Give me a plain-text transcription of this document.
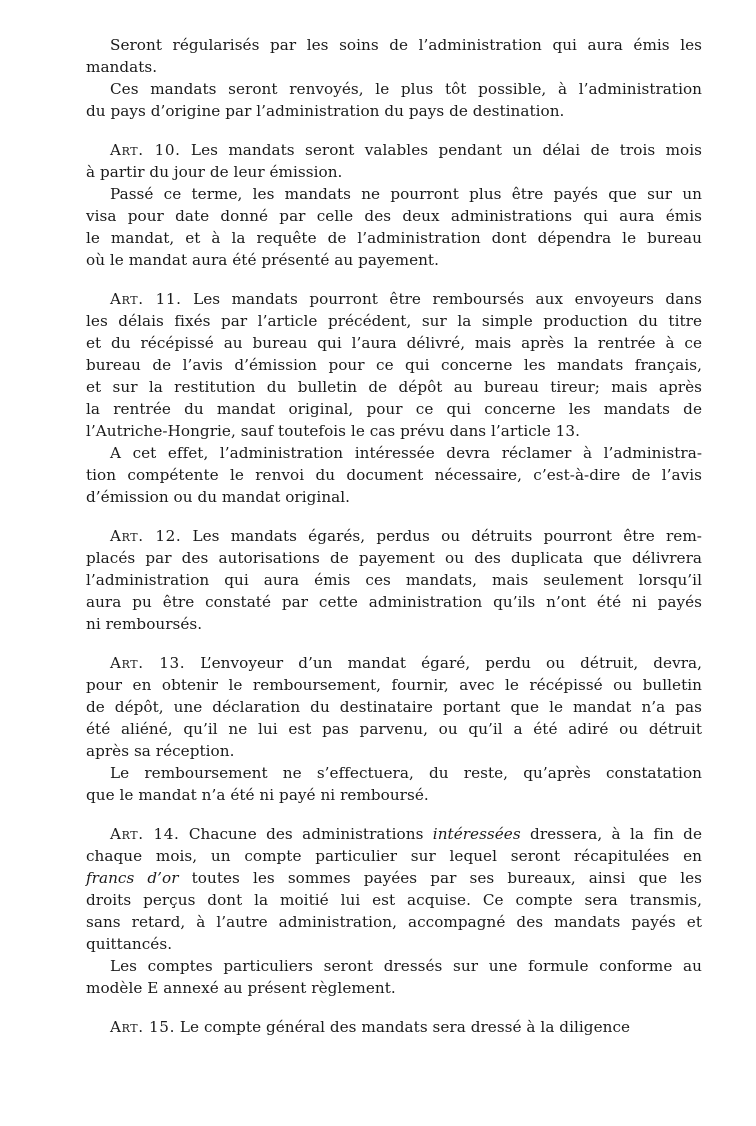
Seront régularisés par les soins de l’administration qui aura émis les
mandats.

Ces mandats seront renvoyés, le plus tôt possible, à l’administration
du pays d’origine par l’administration du pays de destination.

Art. 10. Les mandats seront valables pendant un délai de trois mois
à partir du jour de leur émission.

Passé ce terme, les mandats ne pourront plus être payés que sur un
visa pour date donné par celle des deux administrations qui aura émis
le mandat, et à la requête de l’administration dont dépendra le bureau
où le mandat aura été présenté au payement.

Art. 11. Les mandats pourront être remboursés aux envoyeurs dans
les délais fixés par l’article précédent, sur la simple production du titre
et du récépissé au bureau qui l’aura délivré, mais après la rentrée à ce
bureau de l’avis d’émission pour ce qui concerne les mandats français,
et sur la restitution du bulletin de dépôt au bureau tireur; mais après
la rentrée du mandat original, pour ce qui concerne les mandats de
l’Autriche-Hongrie, sauf toutefois le cas prévu dans l’article 13.

A cet effet, l’administration intéressée devra réclamer à l’administra-
tion compétente le renvoi du document nécessaire, c’est-à-dire de l’avis
d’émission ou du mandat original.

Art. 12. Les mandats égarés, perdus ou détruits pourront être rem-
placés par des autorisations de payement ou des duplicata que délivrera
l’administration qui aura émis ces mandats, mais seulement lorsqu’il
aura pu être constaté par cette administration qu’ils n’ont été ni payés
ni remboursés.

Art. 13. L’envoyeur d’un mandat égaré, perdu ou détruit, devra,
pour en obtenir le remboursement, fournir, avec le récépissé ou bulletin
de dépôt, une déclaration du destinataire portant que le mandat n’a pas
été aliéné, qu’il ne lui est pas parvenu, ou qu’il a été adiré ou détruit
après sa réception.

Le remboursement ne s’effectuera, du reste, qu’après constatation
que le mandat n’a été ni payé ni remboursé.

Art. 14. Chacune des administrations intéressées dressera, à la fin de
chaque mois, un compte particulier sur lequel seront récapitulées en
francs d’or toutes les sommes payées par ses bureaux, ainsi que les
droits perçus dont la moitié lui est acquise. Ce compte sera transmis,
sans retard, à l’autre administration, accompagné des mandats payés et
quittancés.

Les comptes particuliers seront dressés sur une formule conforme au
modèle E annexé au présent règlement.

Art. 15. Le compte général des mandats sera dressé à la diligence
